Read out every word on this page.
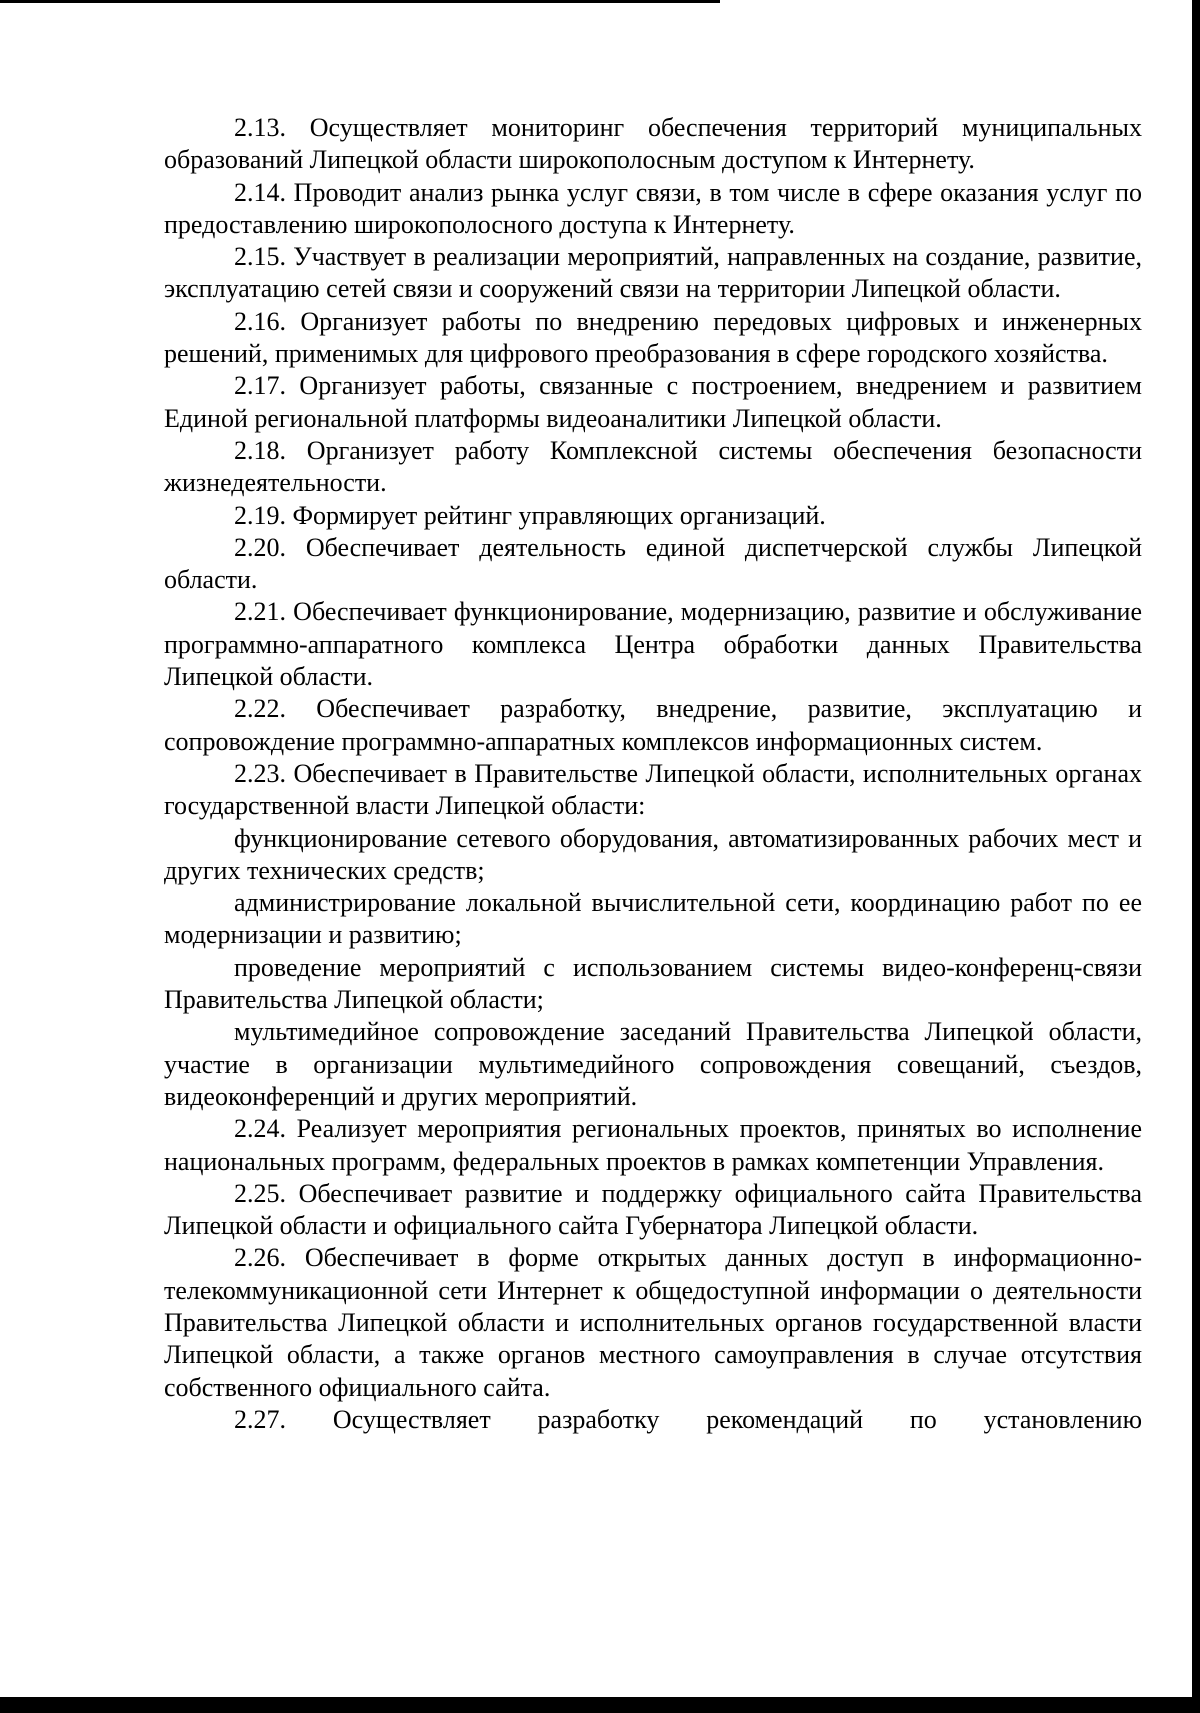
2.13. Осуществляет мониторинг обеспечения территорий муниципальных образований Липецкой области широкополосным доступом к Интернету.

2.14. Проводит анализ рынка услуг связи, в том числе в сфере оказания услуг по предоставлению широкополосного доступа к Интернету.

2.15. Участвует в реализации мероприятий, направленных на создание, развитие, эксплуатацию сетей связи и сооружений связи на территории Липецкой области.

2.16. Организует работы по внедрению передовых цифровых и инженерных решений, применимых для цифрового преобразования в сфере городского хозяйства.

2.17. Организует работы, связанные с построением, внедрением и развитием Единой региональной платформы видеоаналитики Липецкой области.

2.18. Организует работу Комплексной системы обеспечения безопасности жизнедеятельности.

2.19. Формирует рейтинг управляющих организаций.

2.20. Обеспечивает деятельность единой диспетчерской службы Липецкой области.

2.21. Обеспечивает функционирование, модернизацию, развитие и обслуживание программно-аппаратного комплекса Центра обработки данных Правительства Липецкой области.

2.22. Обеспечивает разработку, внедрение, развитие, эксплуатацию и сопровождение программно-аппаратных комплексов информационных систем.

2.23. Обеспечивает в Правительстве Липецкой области, исполнительных органах государственной власти Липецкой области:

функционирование сетевого оборудования, автоматизированных рабочих мест и других технических средств;

администрирование локальной вычислительной сети, координацию работ по ее модернизации и развитию;

проведение мероприятий с использованием системы видео-конференц-связи Правительства Липецкой области;

мультимедийное сопровождение заседаний Правительства Липецкой области, участие в организации мультимедийного сопровождения совещаний, съездов, видеоконференций и других мероприятий.

2.24. Реализует мероприятия региональных проектов, принятых во исполнение национальных программ, федеральных проектов в рамках компетенции Управления.

2.25. Обеспечивает развитие и поддержку официального сайта Правительства Липецкой области и официального сайта Губернатора Липецкой области.

2.26. Обеспечивает в форме открытых данных доступ в информационно-телекоммуникационной сети Интернет к общедоступной информации о деятельности Правительства Липецкой области и исполнительных органов государственной власти Липецкой области, а также органов местного самоуправления в случае отсутствия собственного официального сайта.

2.27. Осуществляет разработку рекомендаций по установлению
